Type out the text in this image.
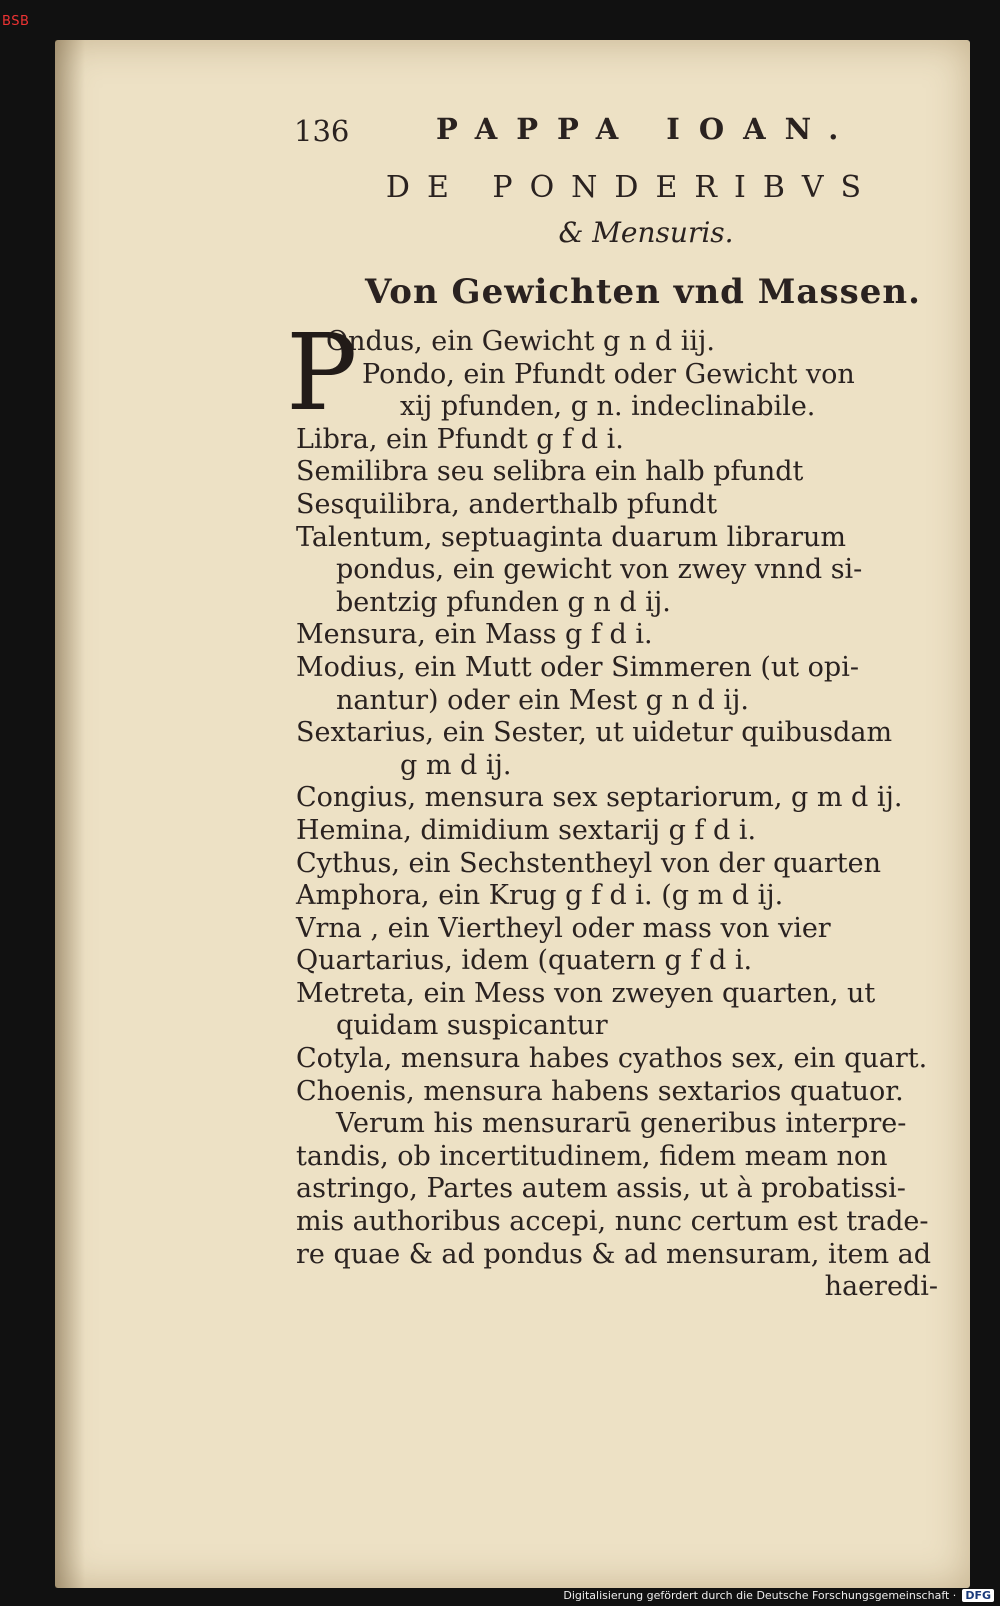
BSB
136	PAPPA IOAN.
DE PONDERIBVS
& Mensuris.
Von Gewichten vnd Massen.
Ondus, ein Gewicht g n d iij.
Pondo, ein Pfundt oder Gewicht von
xij pfunden, g n. indeclinabile.
Libra, ein Pfundt g f d i.
Semilibra seu selibra ein halb pfundt
Sesquilibra, anderthalb pfundt
Talentum, septuaginta duarum librarum
pondus, ein gewicht von zwey vnnd si-
bentzig pfunden g n d ij.
Mensura, ein Mass g f d i.
Modius, ein Mutt oder Simmeren (ut opi-
nantur) oder ein Mest g n d ij.
Sextarius, ein Sester, ut uidetur quibusdam
g m d ij.
Congius, mensura sex septariorum, g m d ij.
Hemina, dimidium sextarij g f d i.
Cythus, ein Sechstentheyl von der quarten
Amphora, ein Krug g f d i. (g m d ij.
Vrna , ein Viertheyl oder mass von vier
Quartarius, idem (quatern g f d i.
Metreta, ein Mess von zweyen quarten, ut
quidam suspicantur
Cotyla, mensura habes cyathos sex, ein quart.
Choenis, mensura habens sextarios quatuor.
Verum his mensurarū generibus interpre-
tandis, ob incertitudinem, fidem meam non
astringo, Partes autem assis, ut à probatissi-
mis authoribus accepi, nunc certum est trade-
re quae & ad pondus & ad mensuram, item ad
haeredi-
P
Digitalisierung gefördert durch die Deutsche Forschungsgemeinschaft · DFG
